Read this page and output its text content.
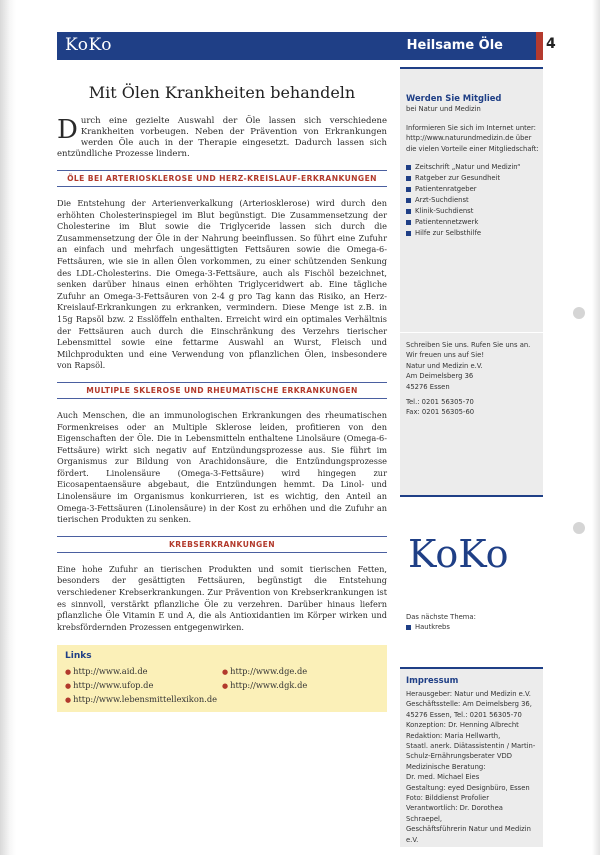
KoKo	Heilsame Öle	4
Mit Ölen Krankheiten behandeln

Durch eine gezielte Auswahl der Öle lassen sich verschiedene Krankheiten vorbeugen. Neben der Prävention von Erkrankungen werden Öle auch in der Therapie eingesetzt. Dadurch lassen sich entzündliche Prozesse lindern.

ÖLE BEI ARTERIOSKLEROSE UND HERZ-KREISLAUF-ERKRANKUNGEN

Die Entstehung der Arterienverkalkung (Arteriosklerose) wird durch den erhöhten Cholesterinspiegel im Blut begünstigt. Die Zusammensetzung der Cholesterine im Blut sowie die Triglyceride lassen sich durch die Zusammensetzung der Öle in der Nahrung beeinflussen. So führt eine Zufuhr an einfach und mehrfach ungesättigten Fettsäuren sowie die Omega-6-Fettsäuren, wie sie in allen Ölen vorkommen, zu einer schützenden Senkung des LDL-Cholesterins. Die Omega-3-Fettsäure, auch als Fischöl bezeichnet, senken darüber hinaus einen erhöhten Triglyceridwert ab. Eine tägliche Zufuhr an Omega-3-Fettsäuren von 2-4 g pro Tag kann das Risiko, an Herz-Kreislauf-Erkrankungen zu erkranken, vermindern. Diese Menge ist z.B. in 15g Rapsöl bzw. 2 Esslöffeln enthalten. Erreicht wird ein optimales Verhältnis der Fettsäuren auch durch die Einschränkung des Verzehrs tierischer Lebensmittel sowie eine fettarme Auswahl an Wurst, Fleisch und Milchprodukten und eine Verwendung von pflanzlichen Ölen, insbesondere von Rapsöl.

MULTIPLE SKLEROSE UND RHEUMATISCHE ERKRANKUNGEN

Auch Menschen, die an immunologischen Erkrankungen des rheumatischen Formenkreises oder an Multiple Sklerose leiden, profitieren von den Eigenschaften der Öle. Die in Lebensmitteln enthaltene Linolsäure (Omega-6-Fettsäure) wirkt sich negativ auf Entzündungsprozesse aus. Sie führt im Organismus zur Bildung von Arachidonsäure, die Entzündungsprozesse fördert. Linolensäure (Omega-3-Fettsäure) wird hingegen zur Eicosapentaensäure abgebaut, die Entzündungen hemmt. Da Linol- und Linolensäure im Organismus konkurrieren, ist es wichtig, den Anteil an Omega-3-Fettsäuren (Linolensäure) in der Kost zu erhöhen und die Zufuhr an tierischen Produkten zu senken.

KREBSERKRANKUNGEN

Eine hohe Zufuhr an tierischen Produkten und somit tierischen Fetten, besonders der gesättigten Fettsäuren, begünstigt die Entstehung verschiedener Krebserkrankungen. Zur Prävention von Krebserkrankungen ist es sinnvoll, verstärkt pflanzliche Öle zu verzehren. Darüber hinaus liefern pflanzliche Öle Vitamin E und A, die als Antioxidantien im Körper wirken und krebsfördernden Prozessen entgegenwirken.

Links
● http://www.aid.de	● http://www.dge.de
● http://www.ufop.de	● http://www.dgk.de
● http://www.lebensmittellexikon.de
Werden Sie Mitglied
bei Natur und Medizin
Informieren Sie sich im Internet unter: http://www.naturundmedizin.de über die vielen Vorteile einer Mitgliedschaft:
Zeitschrift „Natur und Medizin“
Ratgeber zur Gesundheit
Patientenratgeber
Arzt-Suchdienst
Klinik-Suchdienst
Patientennetzwerk
Hilfe zur Selbsthilfe
Schreiben Sie uns. Rufen Sie uns an. Wir freuen uns auf Sie!
Natur und Medizin e.V.
Am Deimelsberg 36
45276 Essen
Tel.: 0201 56305-70
Fax: 0201 56305-60
KoKo
Das nächste Thema:
Hautkrebs
Impressum
Herausgeber: Natur und Medizin e.V.
Geschäftsstelle: Am Deimelsberg 36,
45276 Essen, Tel.: 0201 56305-70
Konzeption: Dr. Henning Albrecht
Redaktion: Maria Hellwarth,
Staatl. anerk. Diätassistentin / Martin-
Schulz-Ernährungsberater VDD
Medizinische Beratung:
Dr. med. Michael Eies
Gestaltung: eyed Designbüro, Essen
Foto: Bilddienst Profolier
Verantwortlich: Dr. Dorothea Schraepel,
Geschäftsführerin Natur und Medizin e.V.
